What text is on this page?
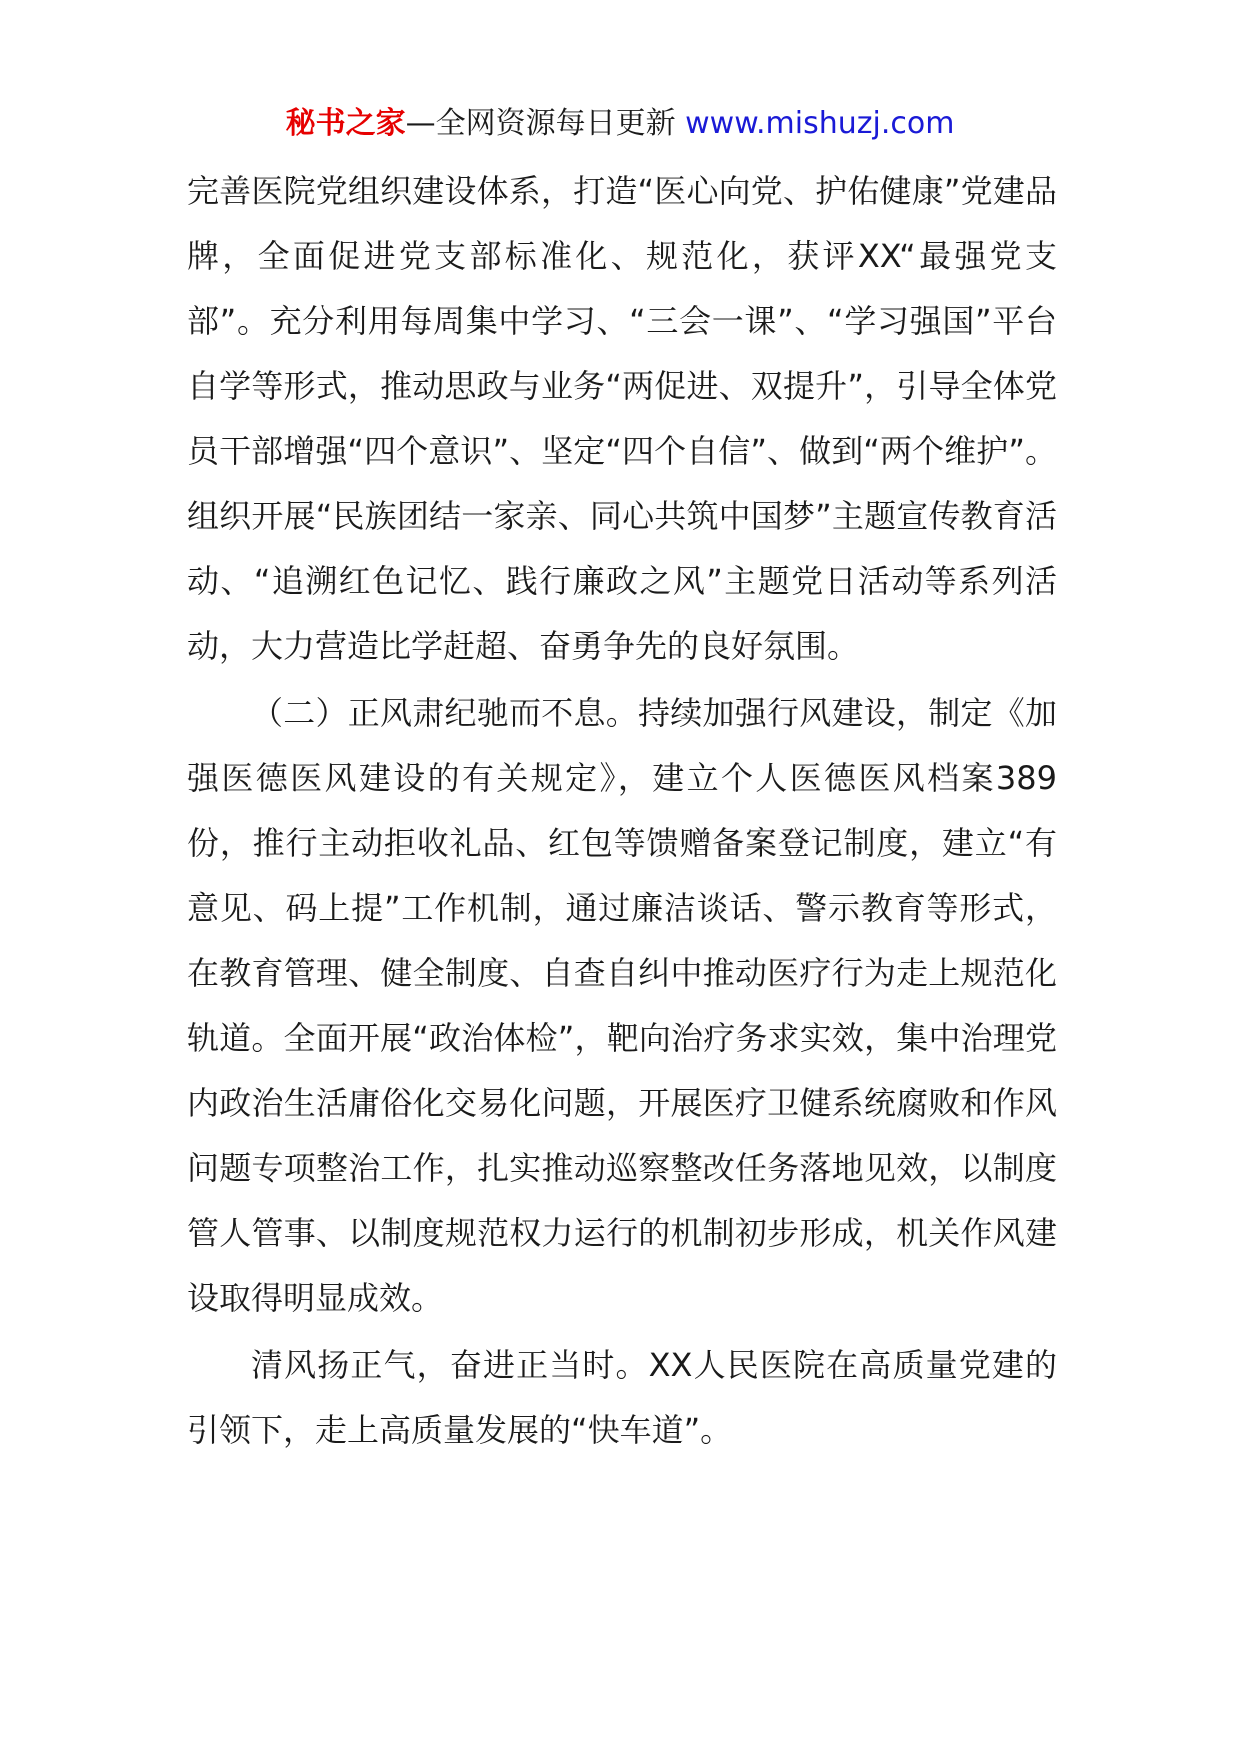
秘书之家—全网资源每日更新 www.mishuzj.com

完善医院党组织建设体系，打造“医心向党、护佑健康”党建品牌，全面促进党支部标准化、规范化，获评XX“最强党支部”。充分利用每周集中学习、“三会一课”、“学习强国”平台自学等形式，推动思政与业务“两促进、双提升”，引导全体党员干部增强“四个意识”、坚定“四个自信”、做到“两个维护”。组织开展“民族团结一家亲、同心共筑中国梦”主题宣传教育活动、“追溯红色记忆、践行廉政之风”主题党日活动等系列活动，大力营造比学赶超、奋勇争先的良好氛围。

（二）正风肃纪驰而不息。持续加强行风建设，制定《加强医德医风建设的有关规定》，建立个人医德医风档案389份，推行主动拒收礼品、红包等馈赠备案登记制度，建立“有意见、码上提”工作机制，通过廉洁谈话、警示教育等形式，在教育管理、健全制度、自查自纠中推动医疗行为走上规范化轨道。全面开展“政治体检”，靶向治疗务求实效，集中治理党内政治生活庸俗化交易化问题，开展医疗卫健系统腐败和作风问题专项整治工作，扎实推动巡察整改任务落地见效，以制度管人管事、以制度规范权力运行的机制初步形成，机关作风建设取得明显成效。

清风扬正气，奋进正当时。XX人民医院在高质量党建的引领下，走上高质量发展的“快车道”。
